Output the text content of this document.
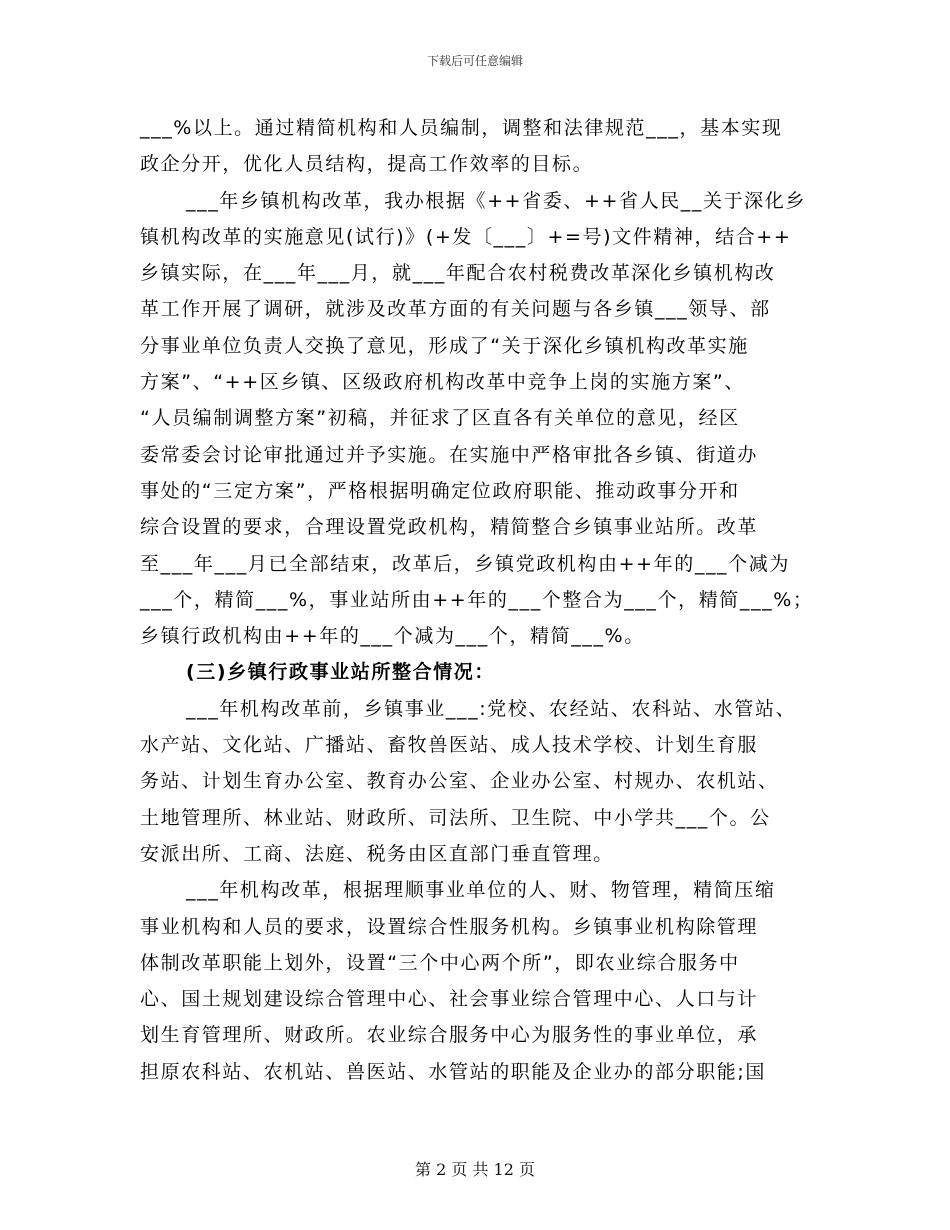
下载后可任意编辑
___%以上。通过精简机构和人员编制，调整和法律规范___，基本实现
政企分开，优化人员结构，提高工作效率的目标。
___年乡镇机构改革，我办根据《++省委、++省人民__关于深化乡
镇机构改革的实施意见(试行)》(+发〔___〕+=号)文件精神，结合++
乡镇实际，在___年___月，就___年配合农村税费改革深化乡镇机构改
革工作开展了调研，就涉及改革方面的有关问题与各乡镇___领导、部
分事业单位负责人交换了意见，形成了“关于深化乡镇机构改革实施
方案”、“++区乡镇、区级政府机构改革中竞争上岗的实施方案”、
“人员编制调整方案”初稿，并征求了区直各有关单位的意见，经区
委常委会讨论审批通过并予实施。在实施中严格审批各乡镇、街道办
事处的“三定方案”，严格根据明确定位政府职能、推动政事分开和
综合设置的要求，合理设置党政机构，精简整合乡镇事业站所。改革
至___年___月已全部结束，改革后，乡镇党政机构由++年的___个减为
___个，精简___%，事业站所由++年的___个整合为___个，精简___%；
乡镇行政机构由++年的___个减为___个，精简___%。
(三)乡镇行政事业站所整合情况：
___年机构改革前，乡镇事业___:党校、农经站、农科站、水管站、
水产站、文化站、广播站、畜牧兽医站、成人技术学校、计划生育服
务站、计划生育办公室、教育办公室、企业办公室、村规办、农机站、
土地管理所、林业站、财政所、司法所、卫生院、中小学共___个。公
安派出所、工商、法庭、税务由区直部门垂直管理。
___年机构改革，根据理顺事业单位的人、财、物管理，精简压缩
事业机构和人员的要求，设置综合性服务机构。乡镇事业机构除管理
体制改革职能上划外，设置“三个中心两个所”，即农业综合服务中
心、国土规划建设综合管理中心、社会事业综合管理中心、人口与计
划生育管理所、财政所。农业综合服务中心为服务性的事业单位，承
担原农科站、农机站、兽医站、水管站的职能及企业办的部分职能;国
第 2 页 共 12 页
